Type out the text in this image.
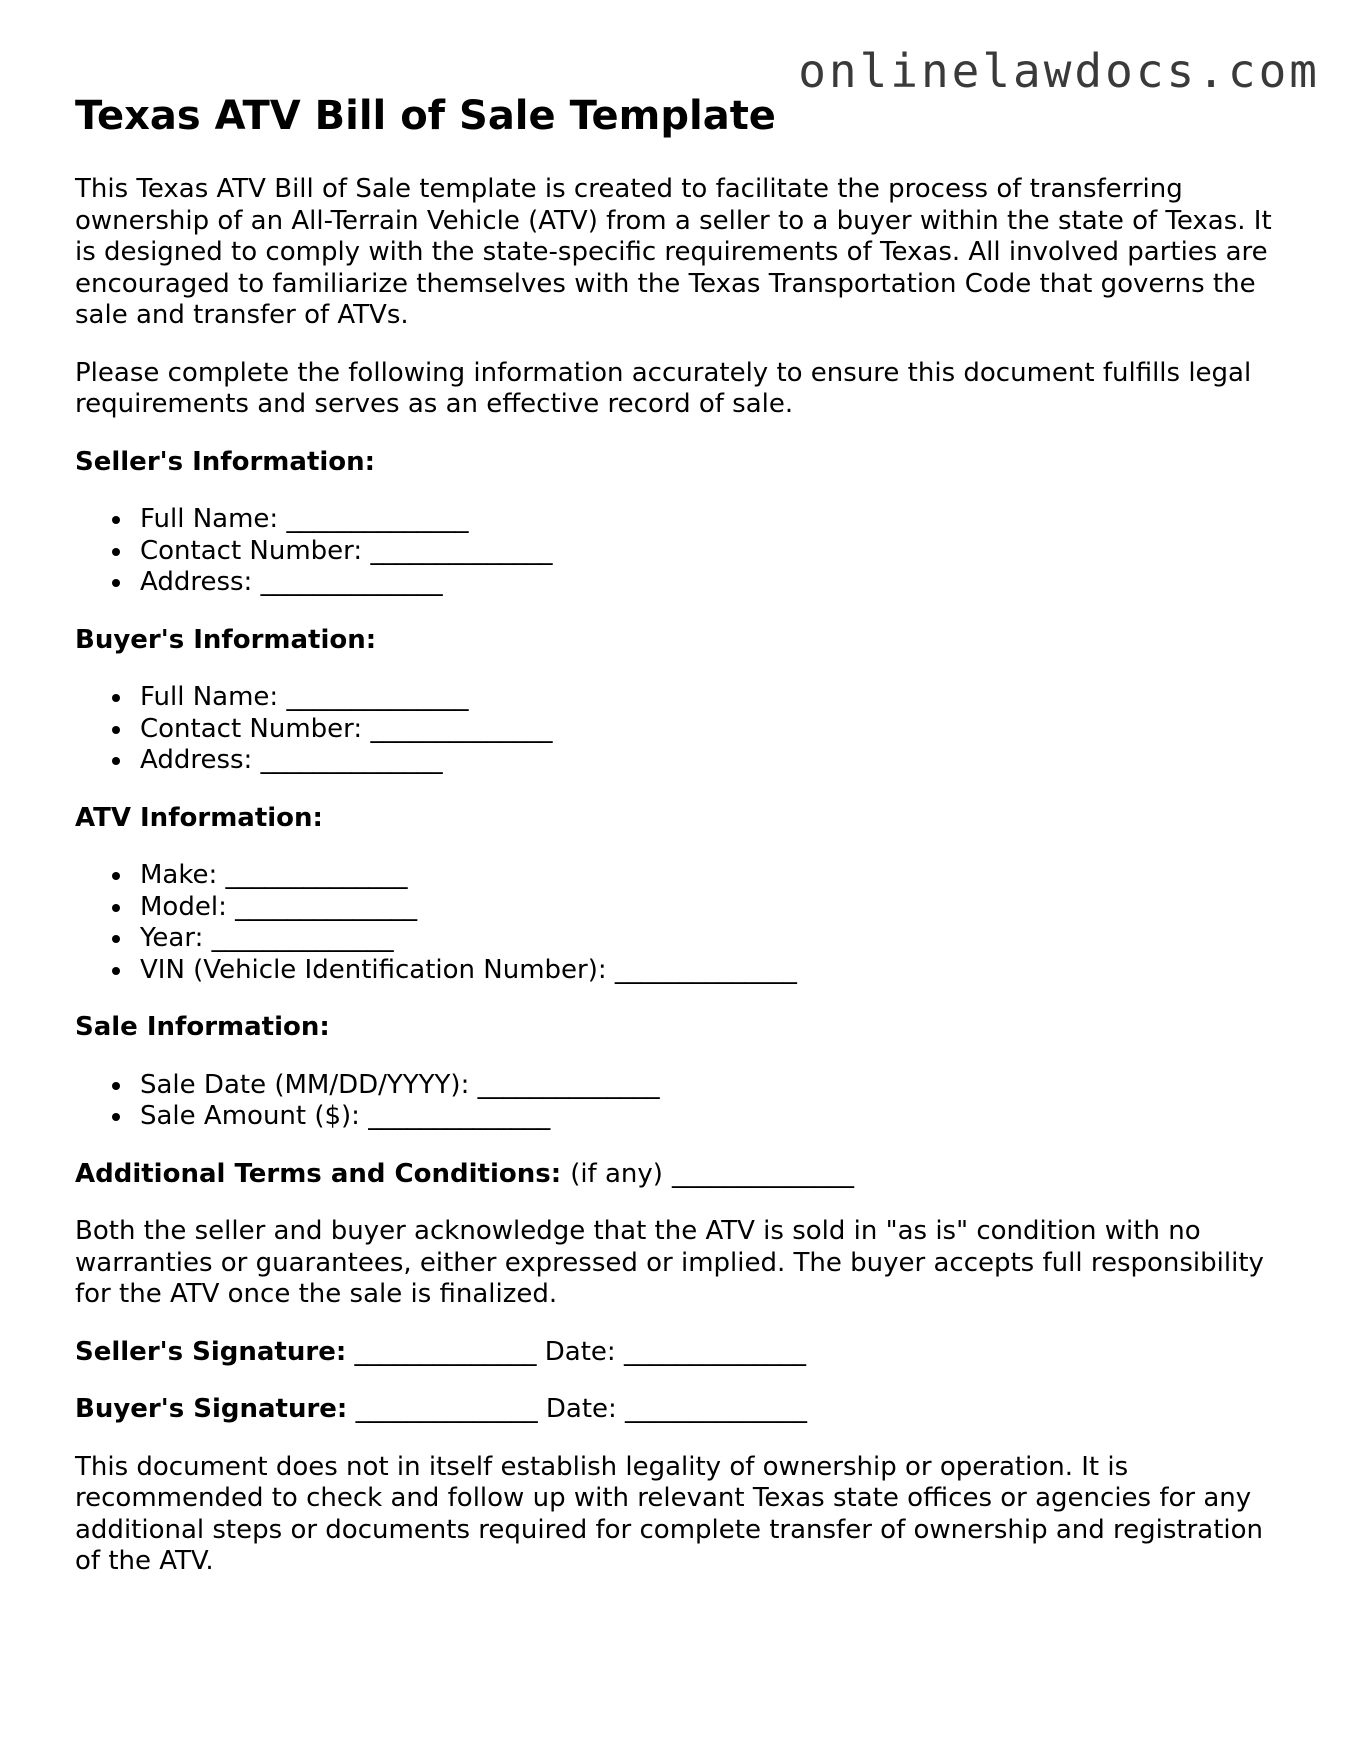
onlinelawdocs.com
Texas ATV Bill of Sale Template

This Texas ATV Bill of Sale template is created to facilitate the process of transferring ownership of an All-Terrain Vehicle (ATV) from a seller to a buyer within the state of Texas. It is designed to comply with the state-specific requirements of Texas. All involved parties are encouraged to familiarize themselves with the Texas Transportation Code that governs the sale and transfer of ATVs.

Please complete the following information accurately to ensure this document fulfills legal requirements and serves as an effective record of sale.

Seller's Information:
Full Name: ______________
Contact Number: ______________
Address: ______________
Buyer's Information:
Full Name: ______________
Contact Number: ______________
Address: ______________
ATV Information:
Make: ______________
Model: ______________
Year: ______________
VIN (Vehicle Identification Number): ______________
Sale Information:
Sale Date (MM/DD/YYYY): ______________
Sale Amount ($): ______________
Additional Terms and Conditions: (if any) ______________

Both the seller and buyer acknowledge that the ATV is sold in "as is" condition with no warranties or guarantees, either expressed or implied. The buyer accepts full responsibility for the ATV once the sale is finalized.

Seller's Signature: ______________ Date: ______________
Buyer's Signature: ______________ Date: ______________

This document does not in itself establish legality of ownership or operation. It is recommended to check and follow up with relevant Texas state offices or agencies for any additional steps or documents required for complete transfer of ownership and registration of the ATV.
